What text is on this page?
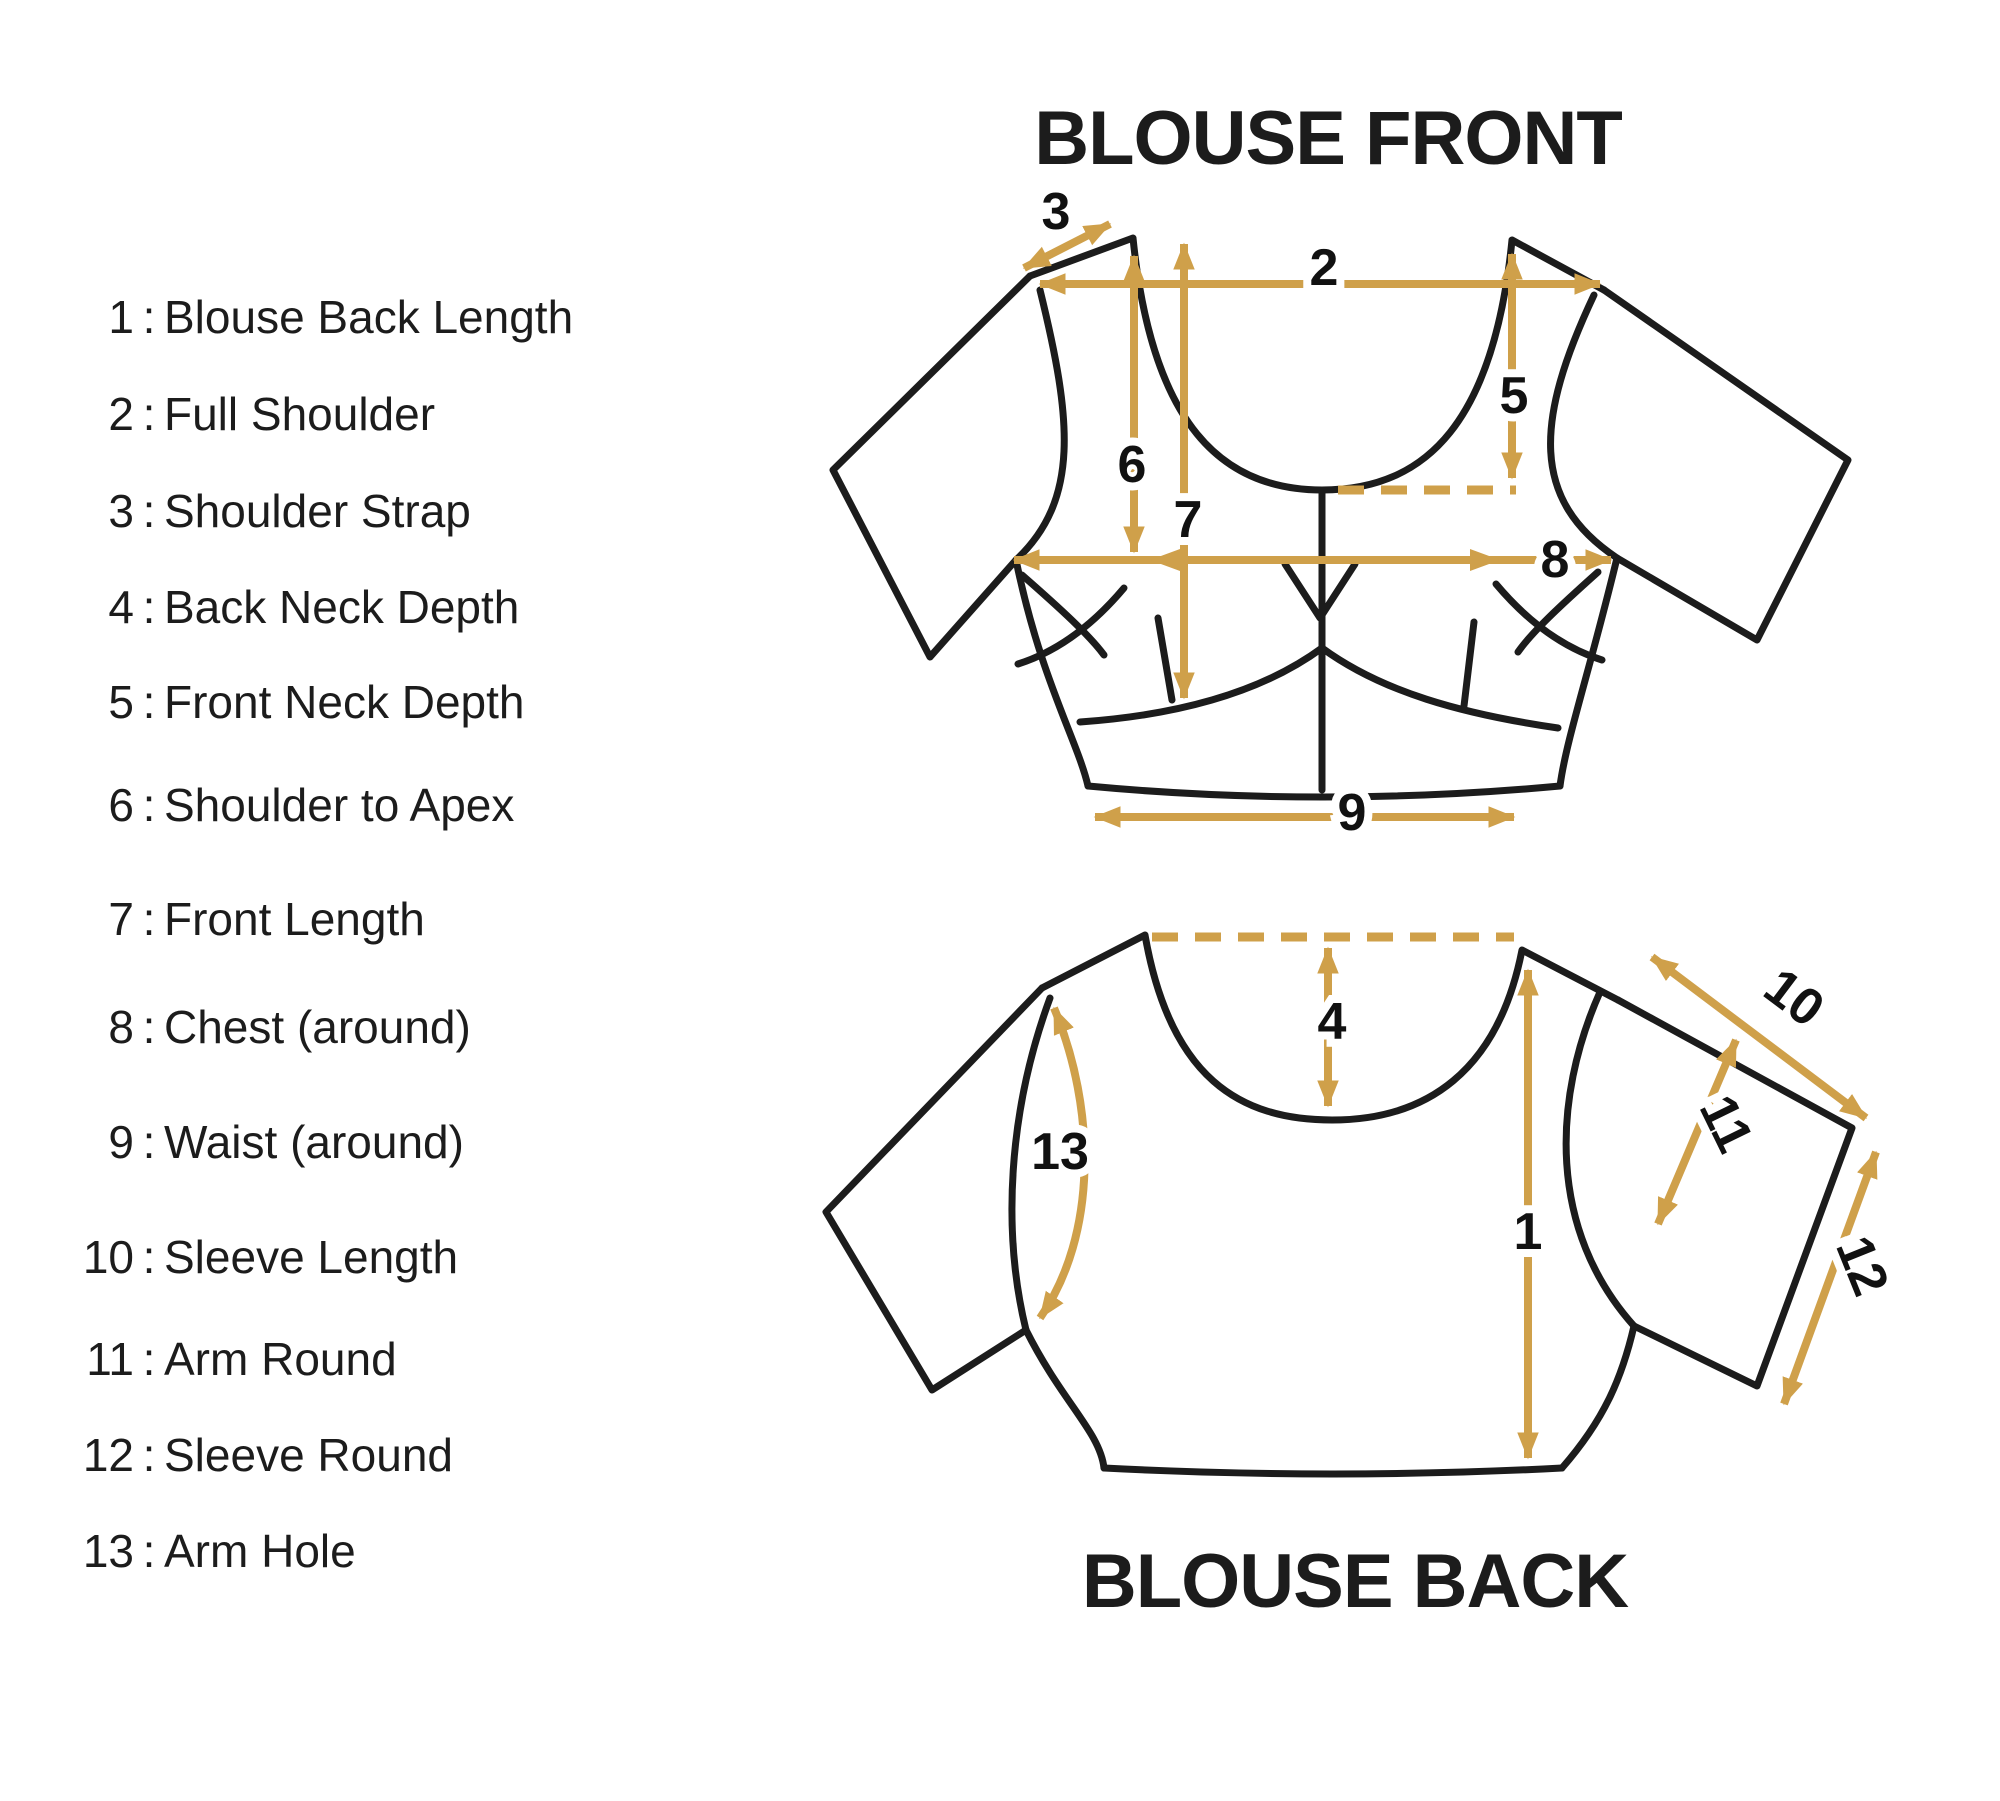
BLOUSE FRONT
BLOUSE BACK
1 : Blouse Back Length
2 : Full Shoulder
3 : Shoulder Strap
4 : Back Neck Depth
5 : Front Neck Depth
6 : Shoulder to Apex
7 : Front Length
8 : Chest (around)
9 : Waist (around)
10 : Sleeve Length
11 : Arm Round
12 : Sleeve Round
13 : Arm Hole
3
2
5
6
7
8
9
4
13
1
10
11
12
